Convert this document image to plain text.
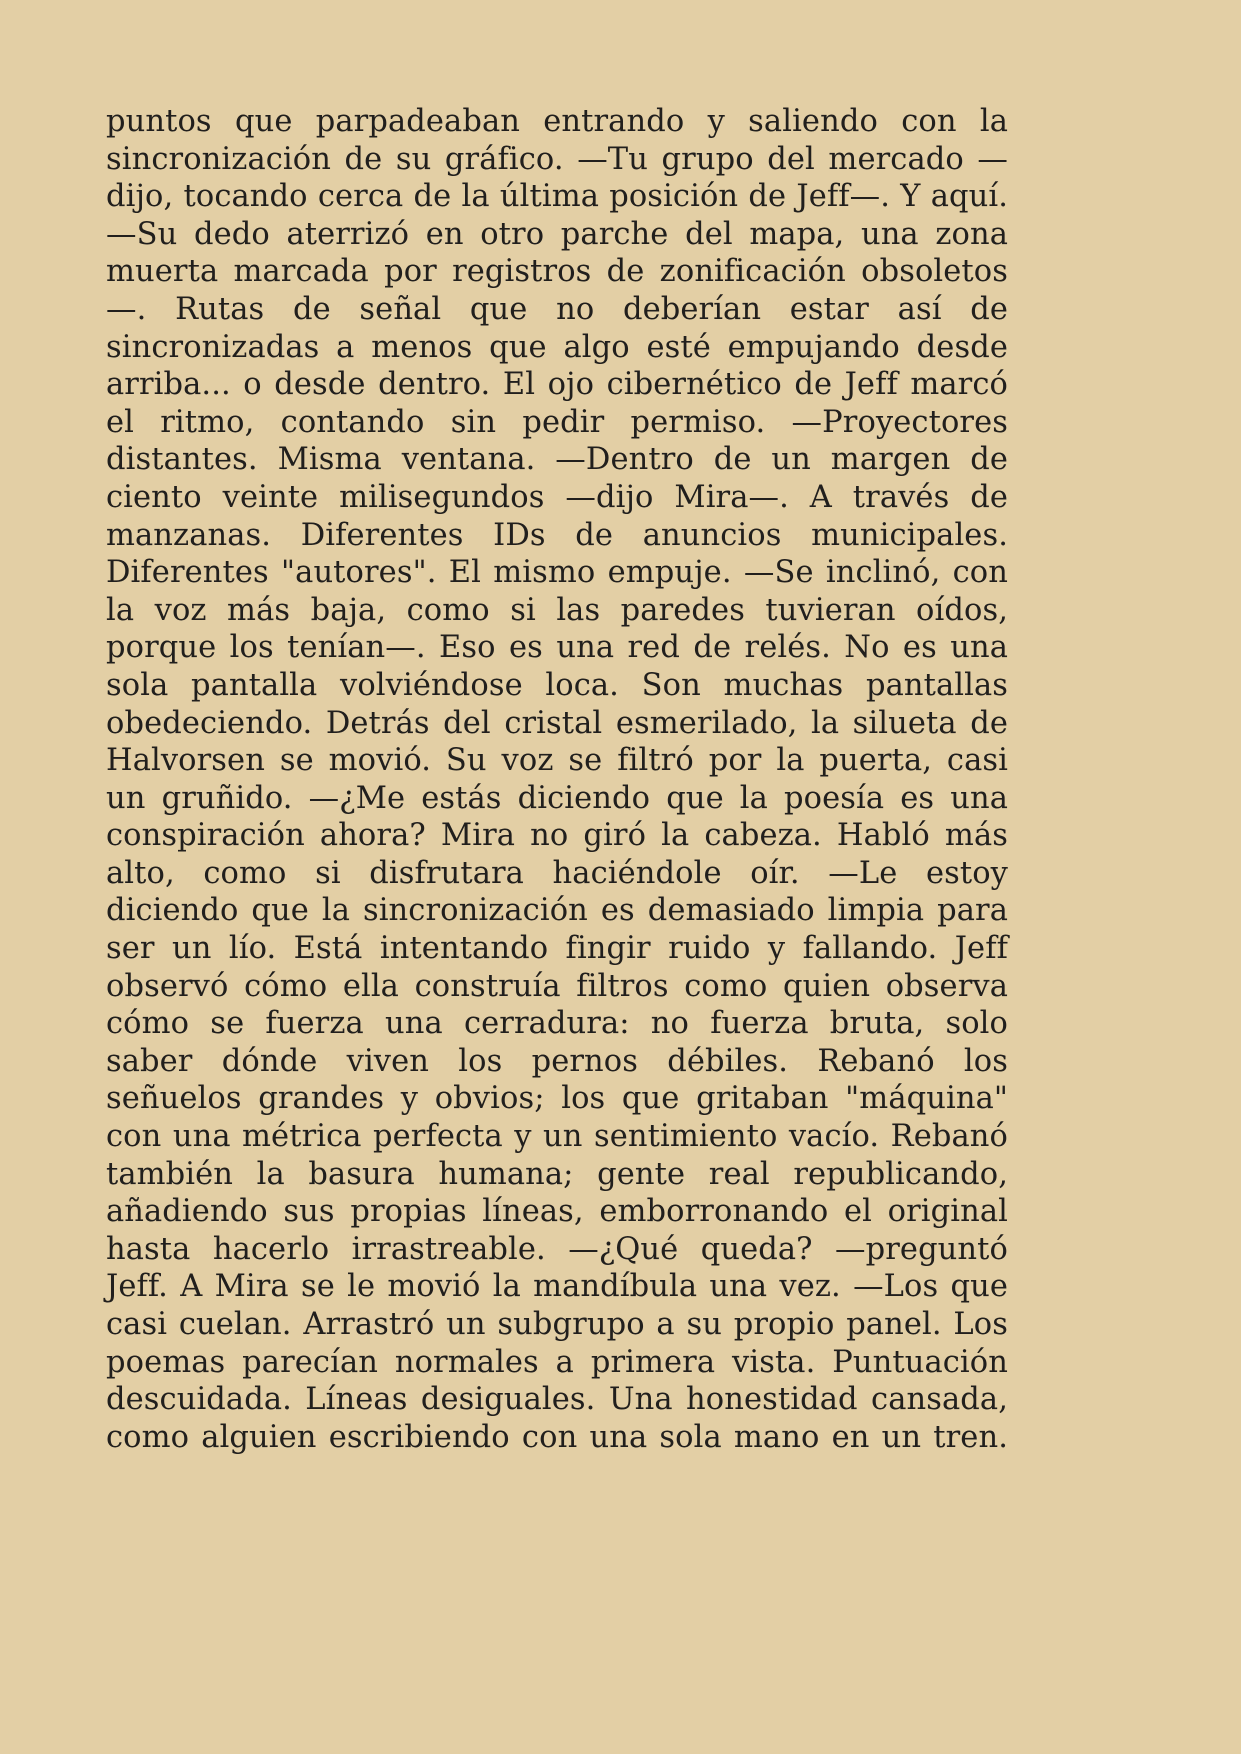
puntos que parpadeaban entrando y saliendo con la sincronización de su gráfico. —Tu grupo del mercado —dijo, tocando cerca de la última posición de Jeff—. Y aquí. —Su dedo aterrizó en otro parche del mapa, una zona muerta marcada por registros de zonificación obsoletos —. Rutas de señal que no deberían estar así de sincronizadas a menos que algo esté empujando desde arriba... o desde dentro. El ojo cibernético de Jeff marcó el ritmo, contando sin pedir permiso. —Proyectores distantes. Misma ventana. —Dentro de un margen de ciento veinte milisegundos —dijo Mira—. A través de manzanas. Diferentes IDs de anuncios municipales. Diferentes "autores". El mismo empuje. —Se inclinó, con la voz más baja, como si las paredes tuvieran oídos, porque los tenían—. Eso es una red de relés. No es una sola pantalla volviéndose loca. Son muchas pantallas obedeciendo. Detrás del cristal esmerilado, la silueta de Halvorsen se movió. Su voz se filtró por la puerta, casi un gruñido. —¿Me estás diciendo que la poesía es una conspiración ahora? Mira no giró la cabeza. Habló más alto, como si disfrutara haciéndole oír. —Le estoy diciendo que la sincronización es demasiado limpia para ser un lío. Está intentando fingir ruido y fallando. Jeff observó cómo ella construía filtros como quien observa cómo se fuerza una cerradura: no fuerza bruta, solo saber dónde viven los pernos débiles. Rebanó los señuelos grandes y obvios; los que gritaban "máquina" con una métrica perfecta y un sentimiento vacío. Rebanó también la basura humana; gente real republicando, añadiendo sus propias líneas, emborronando el original hasta hacerlo irrastreable. —¿Qué queda? —preguntó Jeff. A Mira se le movió la mandíbula una vez. —Los que casi cuelan. Arrastró un subgrupo a su propio panel. Los poemas parecían normales a primera vista. Puntuación descuidada. Líneas desiguales. Una honestidad cansada, como alguien escribiendo con una sola mano en un tren.
